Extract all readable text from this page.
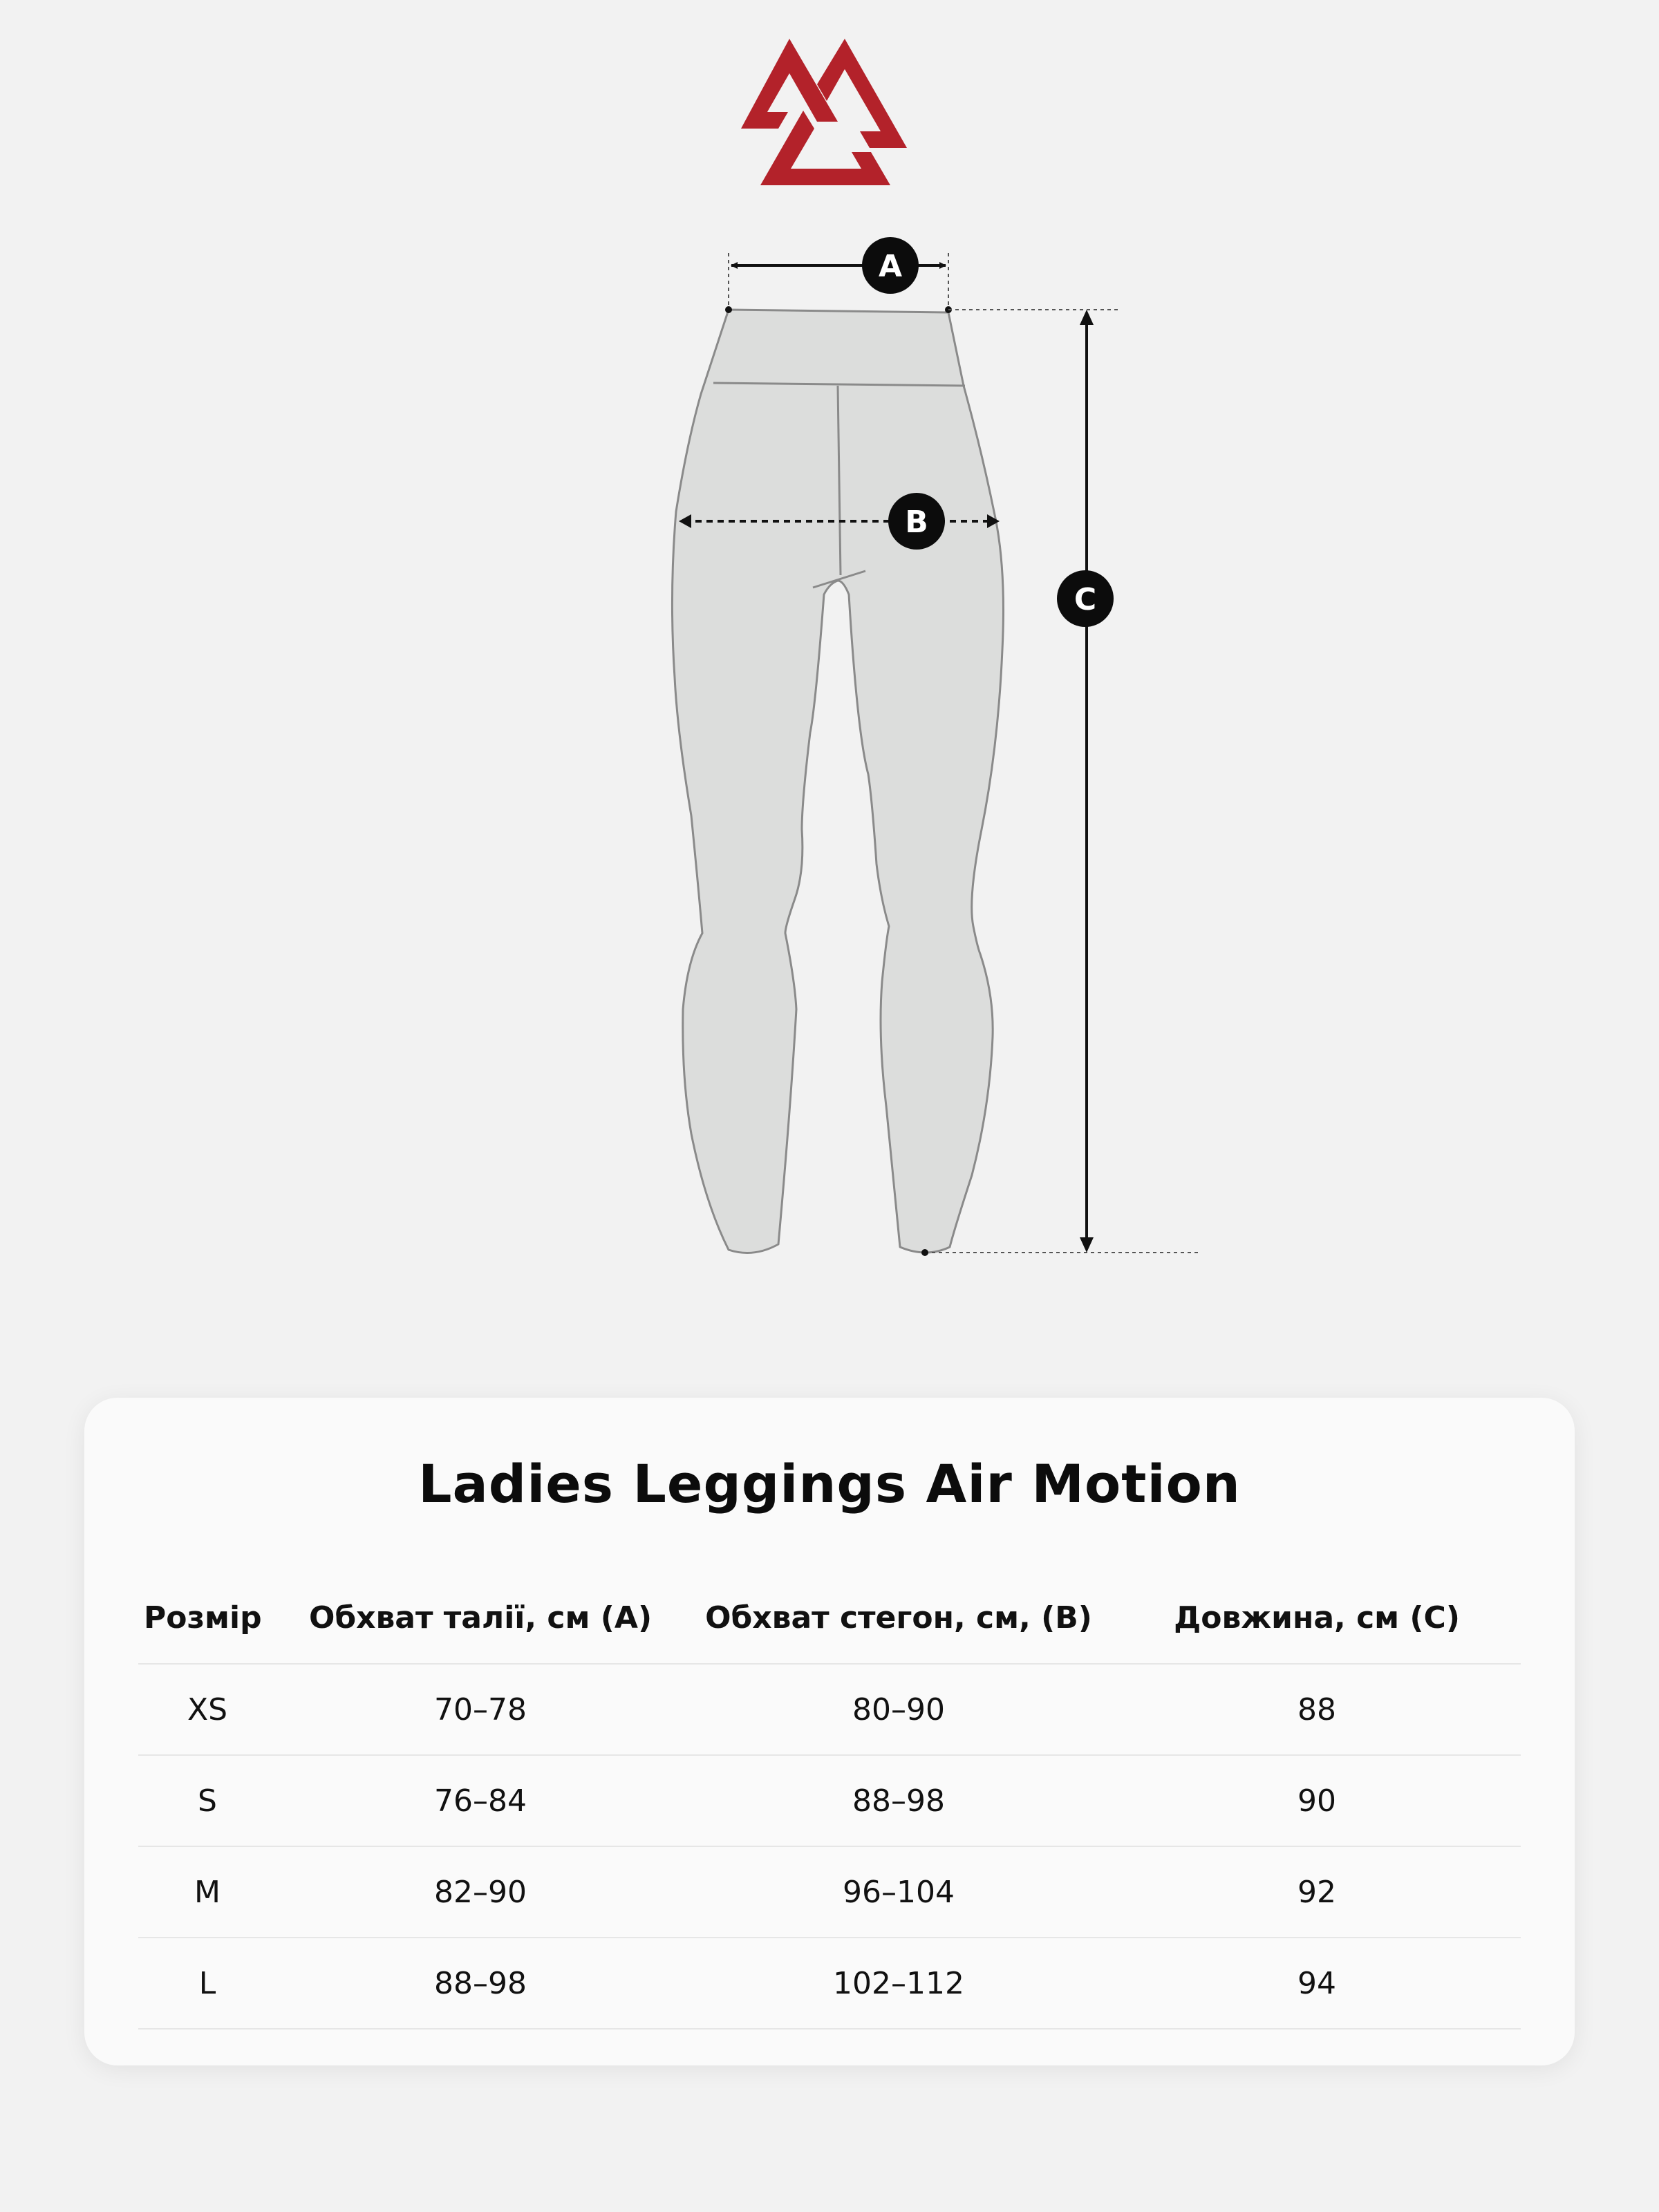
A
B
C
Ladies Leggings Air Motion
Розмір	Обхват талії, см (A)	Обхват стегон, см, (B)	Довжина, см (C)
XS	70–78	80–90	88
S	76–84	88–98	90
M	82–90	96–104	92
L	88–98	102–112	94
